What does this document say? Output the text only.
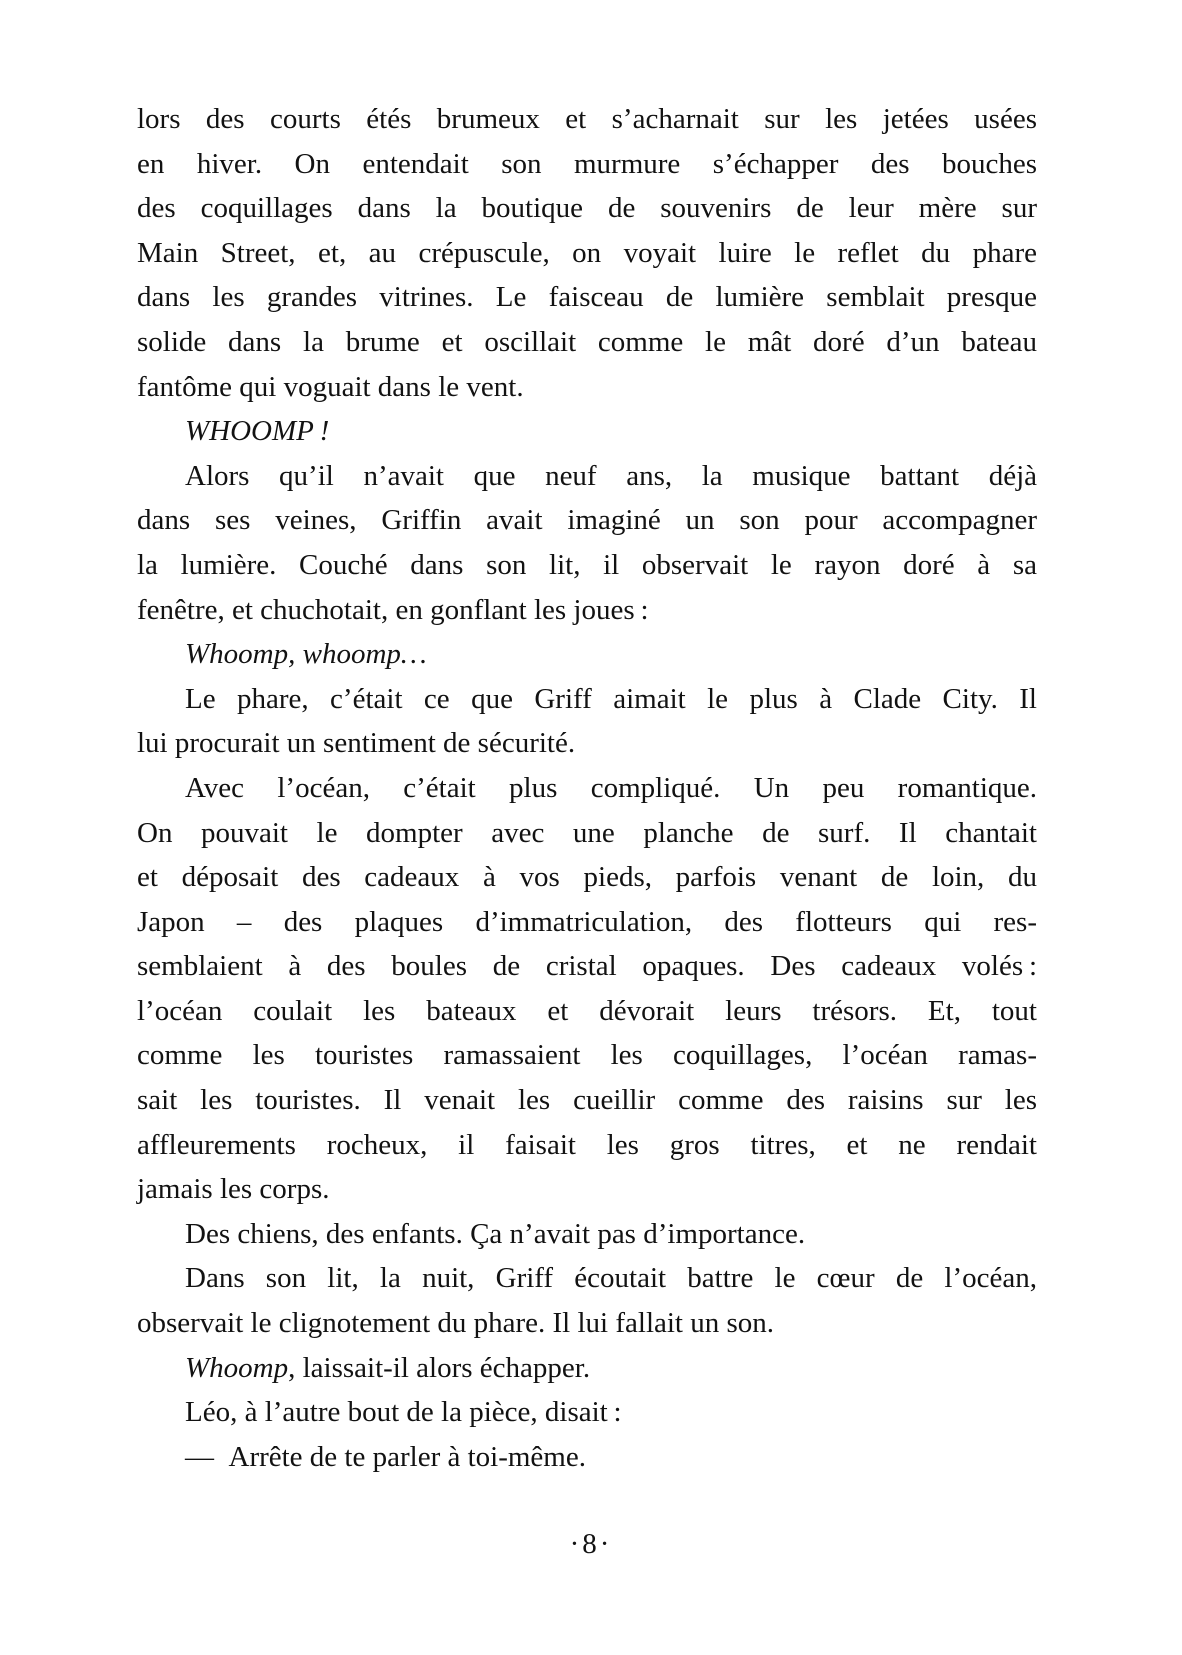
lors des courts étés brumeux et s’acharnait sur les jetées usées
en hiver. On entendait son murmure s’échapper des bouches
des coquillages dans la boutique de souvenirs de leur mère sur
Main Street, et, au crépuscule, on voyait luire le reflet du phare
dans les grandes vitrines. Le faisceau de lumière semblait presque
solide dans la brume et oscillait comme le mât doré d’un bateau
fantôme qui voguait dans le vent.
WHOOMP !
Alors qu’il n’avait que neuf ans, la musique battant déjà
dans ses veines, Griffin avait imaginé un son pour accompagner
la lumière. Couché dans son lit, il observait le rayon doré à sa
fenêtre, et chuchotait, en gonflant les joues :
Whoomp, whoomp…
Le phare, c’était ce que Griff aimait le plus à Clade City. Il
lui procurait un sentiment de sécurité.
Avec l’océan, c’était plus compliqué. Un peu romantique.
On pouvait le dompter avec une planche de surf. Il chantait
et déposait des cadeaux à vos pieds, parfois venant de loin, du
Japon – des plaques d’immatriculation, des flotteurs qui res-
semblaient à des boules de cristal opaques. Des cadeaux volés :
l’océan coulait les bateaux et dévorait leurs trésors. Et, tout
comme les touristes ramassaient les coquillages, l’océan ramas-
sait les touristes. Il venait les cueillir comme des raisins sur les
affleurements rocheux, il faisait les gros titres, et ne rendait
jamais les corps.
Des chiens, des enfants. Ça n’avait pas d’importance.
Dans son lit, la nuit, Griff écoutait battre le cœur de l’océan,
observait le clignotement du phare. Il lui fallait un son.
Whoomp, laissait-il alors échapper.
Léo, à l’autre bout de la pièce, disait :
— Arrête de te parler à toi-même.
·8·
